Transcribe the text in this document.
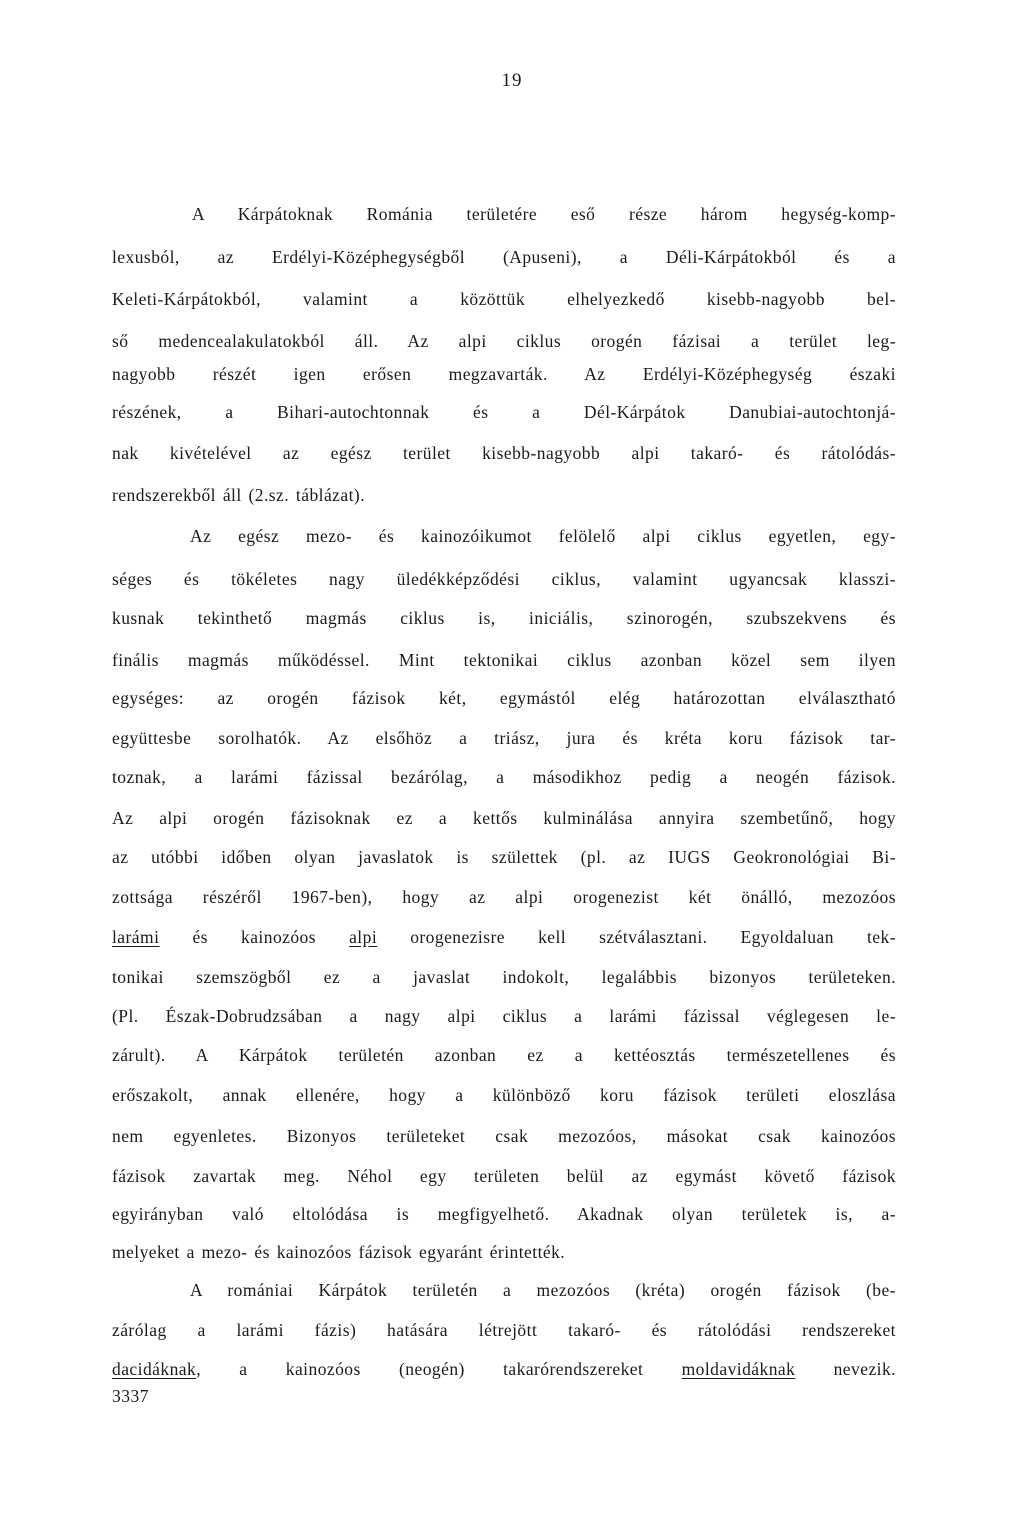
19
A Kárpátoknak Románia területére eső része három hegység-komp-
lexusból, az Erdélyi-Középhegységből (Apuseni), a Déli-Kárpátokból és a
Keleti-Kárpátokból, valamint a közöttük elhelyezkedő kisebb-nagyobb bel-
ső medencealakulatokból áll. Az alpi ciklus orogén fázisai a terület leg-
nagyobb részét igen erősen megzavarták. Az Erdélyi-Középhegység északi
részének, a Bihari-autochtonnak és a Dél-Kárpátok Danubiai-autochtonjá-
nak kivételével az egész terület kisebb-nagyobb alpi takaró- és rátolódás-
rendszerekből áll (2.sz. táblázat).
Az egész mezo- és kainozóikumot felölelő alpi ciklus egyetlen, egy-
séges és tökéletes nagy üledékképződési ciklus, valamint ugyancsak klasszi-
kusnak tekinthető magmás ciklus is, iniciális, szinorogén, szubszekvens és
finális magmás működéssel. Mint tektonikai ciklus azonban közel sem ilyen
egységes: az orogén fázisok két, egymástól elég határozottan elválasztható
együttesbe sorolhatók. Az elsőhöz a triász, jura és kréta koru fázisok tar-
toznak, a larámi fázissal bezárólag, a másodikhoz pedig a neogén fázisok.
Az alpi orogén fázisoknak ez a kettős kulminálása annyira szembetűnő, hogy
az utóbbi időben olyan javaslatok is születtek (pl. az IUGS Geokronológiai Bi-
zottsága részéről 1967-ben), hogy az alpi orogenezist két önálló, mezozóos
larámi és kainozóos alpi orogenezisre kell szétválasztani. Egyoldaluan tek-
tonikai szemszögből ez a javaslat indokolt, legalábbis bizonyos területeken.
(Pl. Észak-Dobrudzsában a nagy alpi ciklus a larámi fázissal véglegesen le-
zárult). A Kárpátok területén azonban ez a kettéosztás természetellenes és
erőszakolt, annak ellenére, hogy a különböző koru fázisok területi eloszlása
nem egyenletes. Bizonyos területeket csak mezozóos, másokat csak kainozóos
fázisok zavartak meg. Néhol egy területen belül az egymást követő fázisok
egyirányban való eltolódása is megfigyelhető. Akadnak olyan területek is, a-
melyeket a mezo- és kainozóos fázisok egyaránt érintették.
A romániai Kárpátok területén a mezozóos (kréta) orogén fázisok (be-
zárólag a larámi fázis) hatására létrejött takaró- és rátolódási rendszereket
dacidáknak, a kainozóos (neogén) takarórendszereket moldavidáknak nevezik.
3337
